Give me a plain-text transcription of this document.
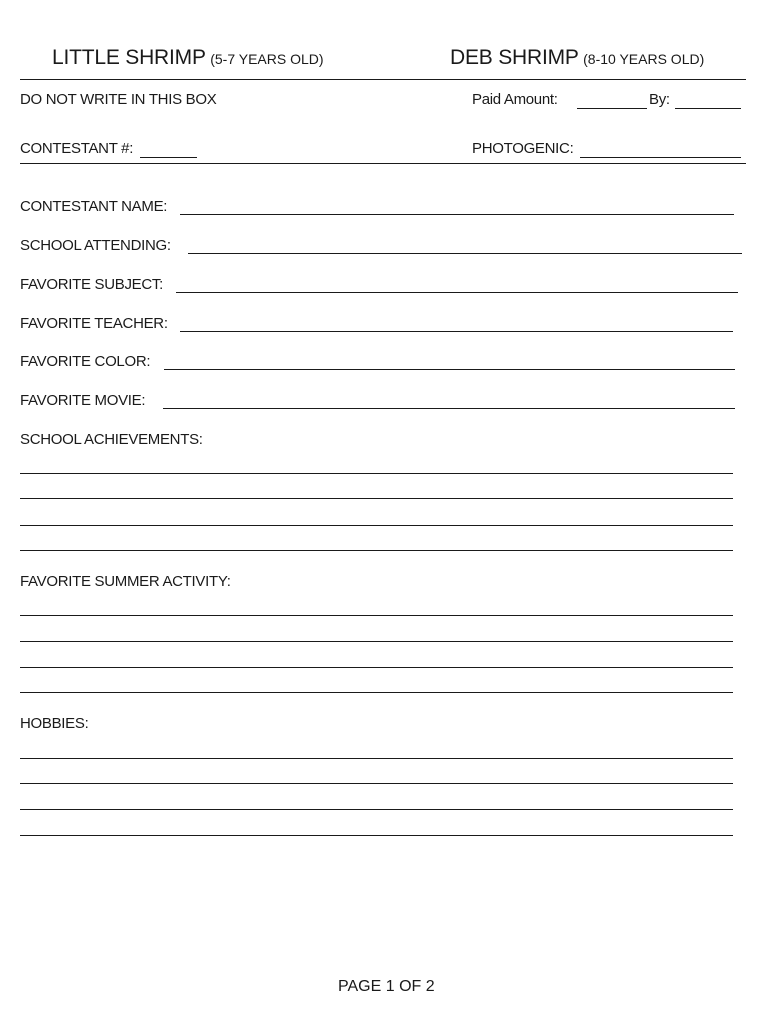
LITTLE SHRIMP (5-7 YEARS OLD)	DEB SHRIMP (8-10 YEARS OLD)
DO NOT WRITE IN THIS BOX	Paid Amount:	By:
CONTESTANT #:	PHOTOGENIC:
CONTESTANT NAME:
SCHOOL ATTENDING:
FAVORITE SUBJECT:
FAVORITE TEACHER:
FAVORITE COLOR:
FAVORITE MOVIE:
SCHOOL ACHIEVEMENTS:
FAVORITE SUMMER ACTIVITY:
HOBBIES:
PAGE 1 OF 2
